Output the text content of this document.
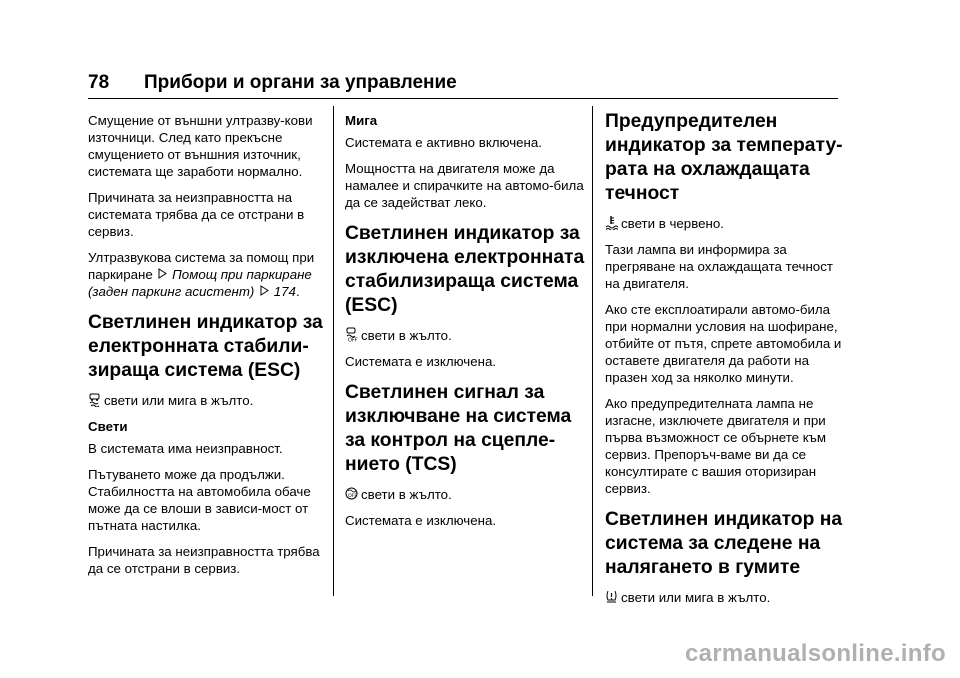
78 Прибори и органи за управление

Смущение от външни ултразву-кови източници. След като прекъсне смущението от външния източник, системата ще заработи нормално.

Причината за неизправността на системата трябва да се отстрани в сервиз.

Ултразвукова система за помощ при паркиране Помощ при паркиране (заден паркинг асистент) 174.

Светлинен индикатор за електронната стабили-зираща система (ESC)

свети или мига в жълто.

Свети

В системата има неизправност.

Пътуването може да продължи. Стабилността на автомобила обаче може да се влоши в зависи-мост от пътната настилка.

Причината за неизправността трябва да се отстрани в сервиз.

Мига

Системата е активно включена.

Мощността на двигателя може да намалее и спирачките на автомо-била да се задействат леко.

Светлинен индикатор за изключена електронната стабилизираща система (ESC)

OFF свети в жълто.

Системата е изключена.

Светлинен сигнал за изключване на система за контрол на сцепле-нието (TCS)

OFF свети в жълто.

Системата е изключена.

Предупредителен индикатор за температу-рата на охлаждащата течност

свети в червено.

Тази лампа ви информира за прегряване на охлаждащата течност на двигателя.

Ако сте експлоатирали автомо-била при нормални условия на шофиране, отбийте от пътя, спрете автомобила и оставете двигателя да работи на празен ход за няколко минути.

Ако предупредителната лампа не изгасне, изключете двигателя и при първа възможност се обърнете към сервиз. Препоръч-ваме ви да се консултирате с вашия оторизиран сервиз.

Светлинен индикатор на система за следене на налягането в гумите

свети или мига в жълто.

carmanualsonline.info
